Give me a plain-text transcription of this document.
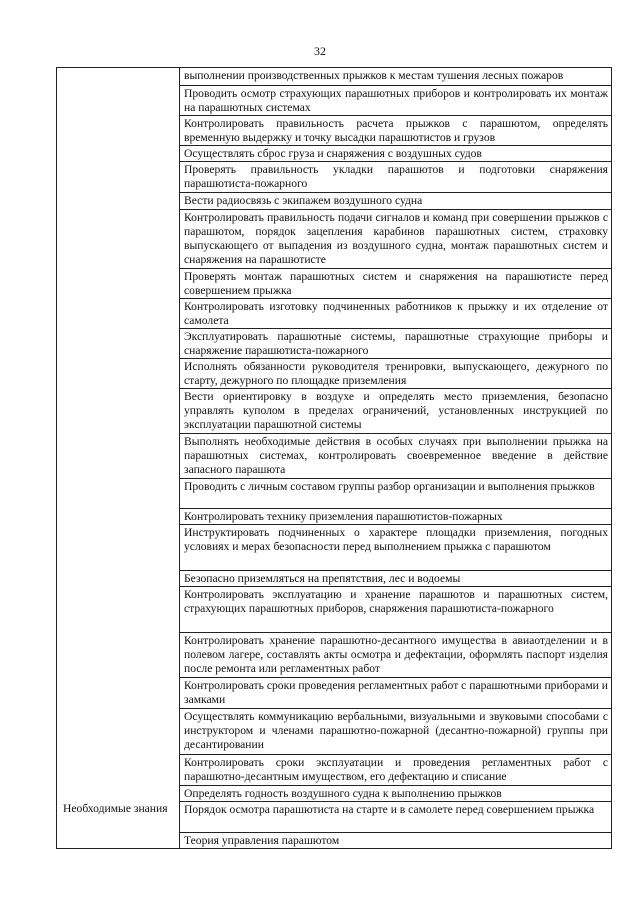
32
	выполнении производственных прыжков к местам тушения лесных пожаров
	Проводить осмотр страхующих парашютных приборов и контролировать их монтаж на парашютных системах
	Контролировать правильность расчета прыжков с парашютом, определять временную выдержку и точку высадки парашютистов и грузов
	Осуществлять сброс груза и снаряжения с воздушных судов
	Проверять правильность укладки парашютов и подготовки снаряжения парашютиста-пожарного
	Вести радиосвязь с экипажем воздушного судна
	Контролировать правильность подачи сигналов и команд при совершении прыжков с парашютом, порядок зацепления карабинов парашютных систем, страховку выпускающего от выпадения из воздушного судна, монтаж парашютных систем и снаряжения на парашютисте
	Проверять монтаж парашютных систем и снаряжения на парашютисте перед совершением прыжка
	Контролировать изготовку подчиненных работников к прыжку и их отделение от самолета
	Эксплуатировать парашютные системы, парашютные страхующие приборы и снаряжение парашютиста-пожарного
	Исполнять обязанности руководителя тренировки, выпускающего, дежурного по старту, дежурного по площадке приземления
	Вести ориентировку в воздухе и определять место приземления, безопасно управлять куполом в пределах ограничений, установленных инструкцией по эксплуатации парашютной системы
	Выполнять необходимые действия в особых случаях при выполнении прыжка на парашютных системах, контролировать своевременное введение в действие запасного парашюта
	Проводить с личным составом группы разбор организации и выполнения прыжков
	Контролировать технику приземления парашютистов-пожарных
	Инструктировать подчиненных о характере площадки приземления, погодных условиях и мерах безопасности перед выполнением прыжка с парашютом
	Безопасно приземляться на препятствия, лес и водоемы
	Контролировать эксплуатацию и хранение парашютов и парашютных систем, страхующих парашютных приборов, снаряжения парашютиста-пожарного
	Контролировать хранение парашютно-десантного имущества в авиаотделении и в полевом лагере, составлять акты осмотра и дефектации, оформлять паспорт изделия после ремонта или регламентных работ
	Контролировать сроки проведения регламентных работ с парашютными приборами и замками
	Осуществлять коммуникацию вербальными, визуальными и звуковыми способами с инструктором и членами парашютно-пожарной (десантно-пожарной) группы при десантировании
	Контролировать сроки эксплуатации и проведения регламентных работ с парашютно-десантным имуществом, его дефектацию и списание
	Определять годность воздушного судна к выполнению прыжков
Необходимые знания	Порядок осмотра парашютиста на старте и в самолете перед совершением прыжка
	Теория управления парашютом
